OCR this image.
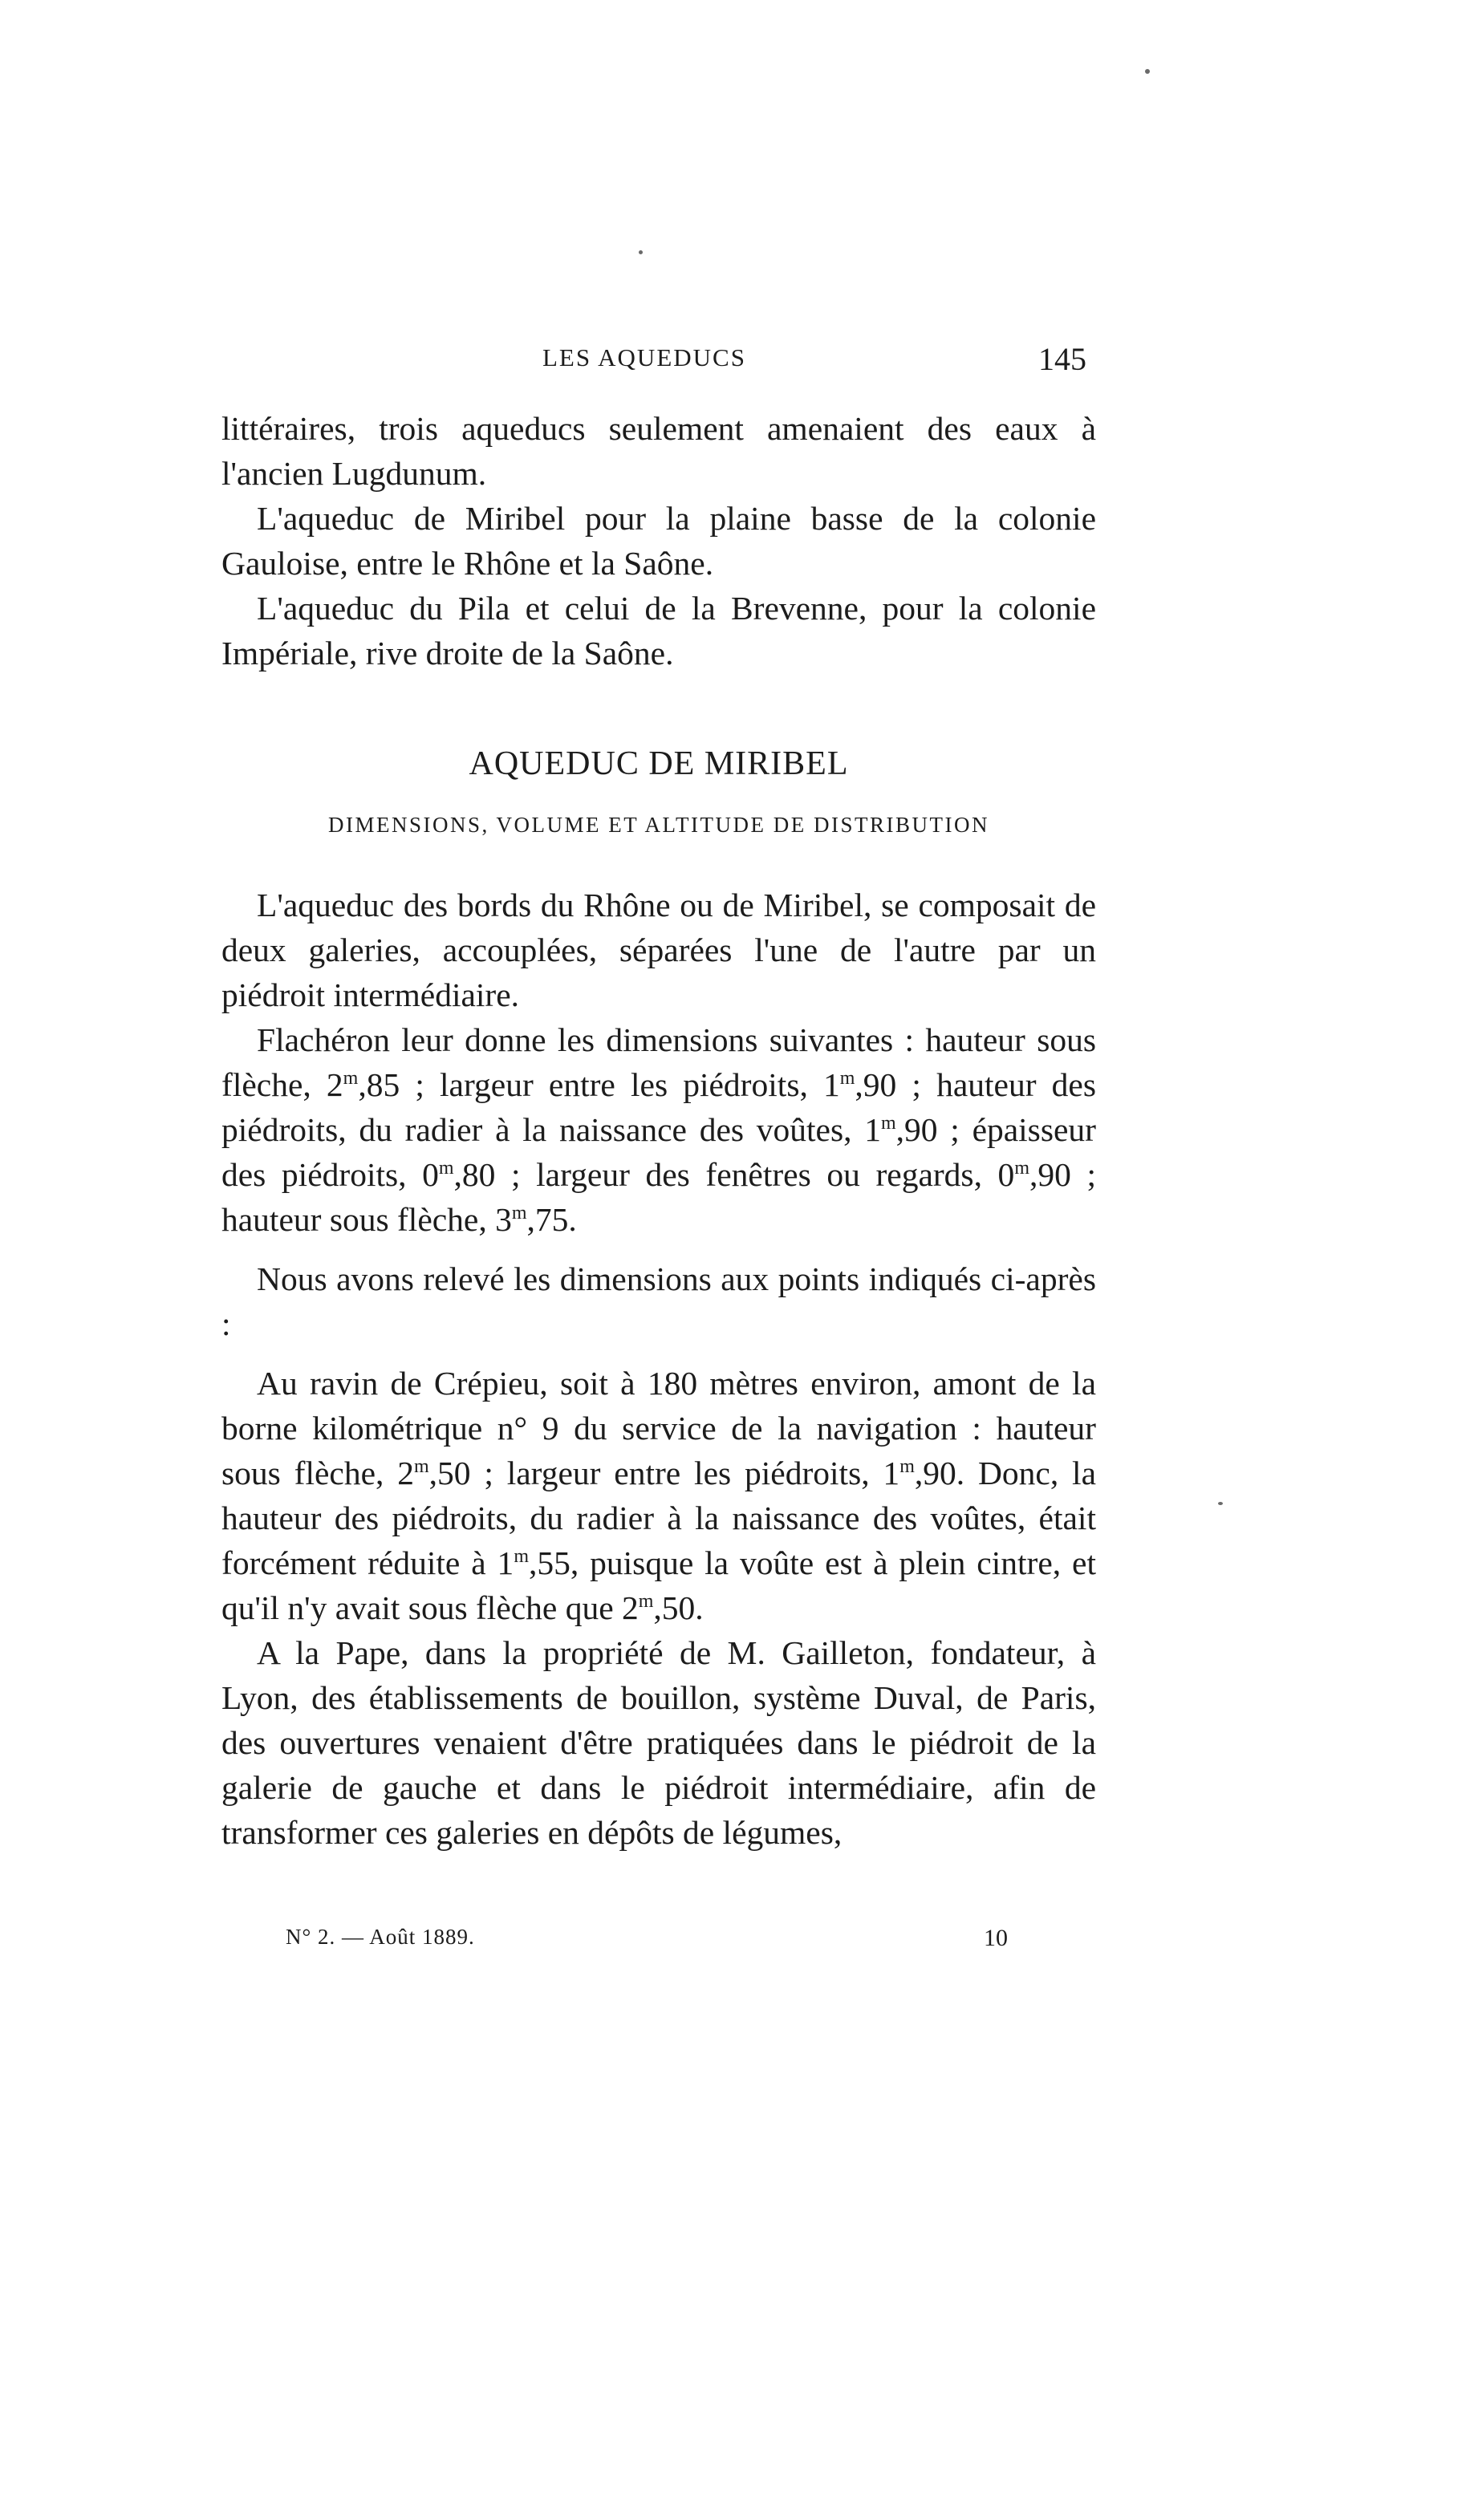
LES AQUEDUCS	145

littéraires, trois aqueducs seulement amenaient des eaux à l'ancien Lugdunum.

L'aqueduc de Miribel pour la plaine basse de la colonie Gauloise, entre le Rhône et la Saône.

L'aqueduc du Pila et celui de la Brevenne, pour la colonie Impériale, rive droite de la Saône.

AQUEDUC DE MIRIBEL
DIMENSIONS, VOLUME ET ALTITUDE DE DISTRIBUTION

L'aqueduc des bords du Rhône ou de Miribel, se composait de deux galeries, accouplées, séparées l'une de l'autre par un piédroit intermédiaire.

Flachéron leur donne les dimensions suivantes : hauteur sous flèche, 2$^m$,85 ; largeur entre les piédroits, 1$^m$,90 ; hauteur des piédroits, du radier à la naissance des voûtes, 1$^m$,90 ; épaisseur des piédroits, 0$^m$,80 ; largeur des fenêtres ou regards, 0$^m$,90 ; hauteur sous flèche, 3$^m$,75.

Nous avons relevé les dimensions aux points indiqués ci-après :

Au ravin de Crépieu, soit à 180 mètres environ, amont de la borne kilométrique n° 9 du service de la navigation : hauteur sous flèche, 2$^m$,50 ; largeur entre les piédroits, 1$^m$,90. Donc, la hauteur des piédroits, du radier à la naissance des voûtes, était forcément réduite à 1$^m$,55, puisque la voûte est à plein cintre, et qu'il n'y avait sous flèche que 2$^m$,50.

A la Pape, dans la propriété de M. Gailleton, fondateur, à Lyon, des établissements de bouillon, système Duval, de Paris, des ouvertures venaient d'être pratiquées dans le piédroit de la galerie de gauche et dans le piédroit intermédiaire, afin de transformer ces galeries en dépôts de légumes,

N° 2. — Août 1889.	10
